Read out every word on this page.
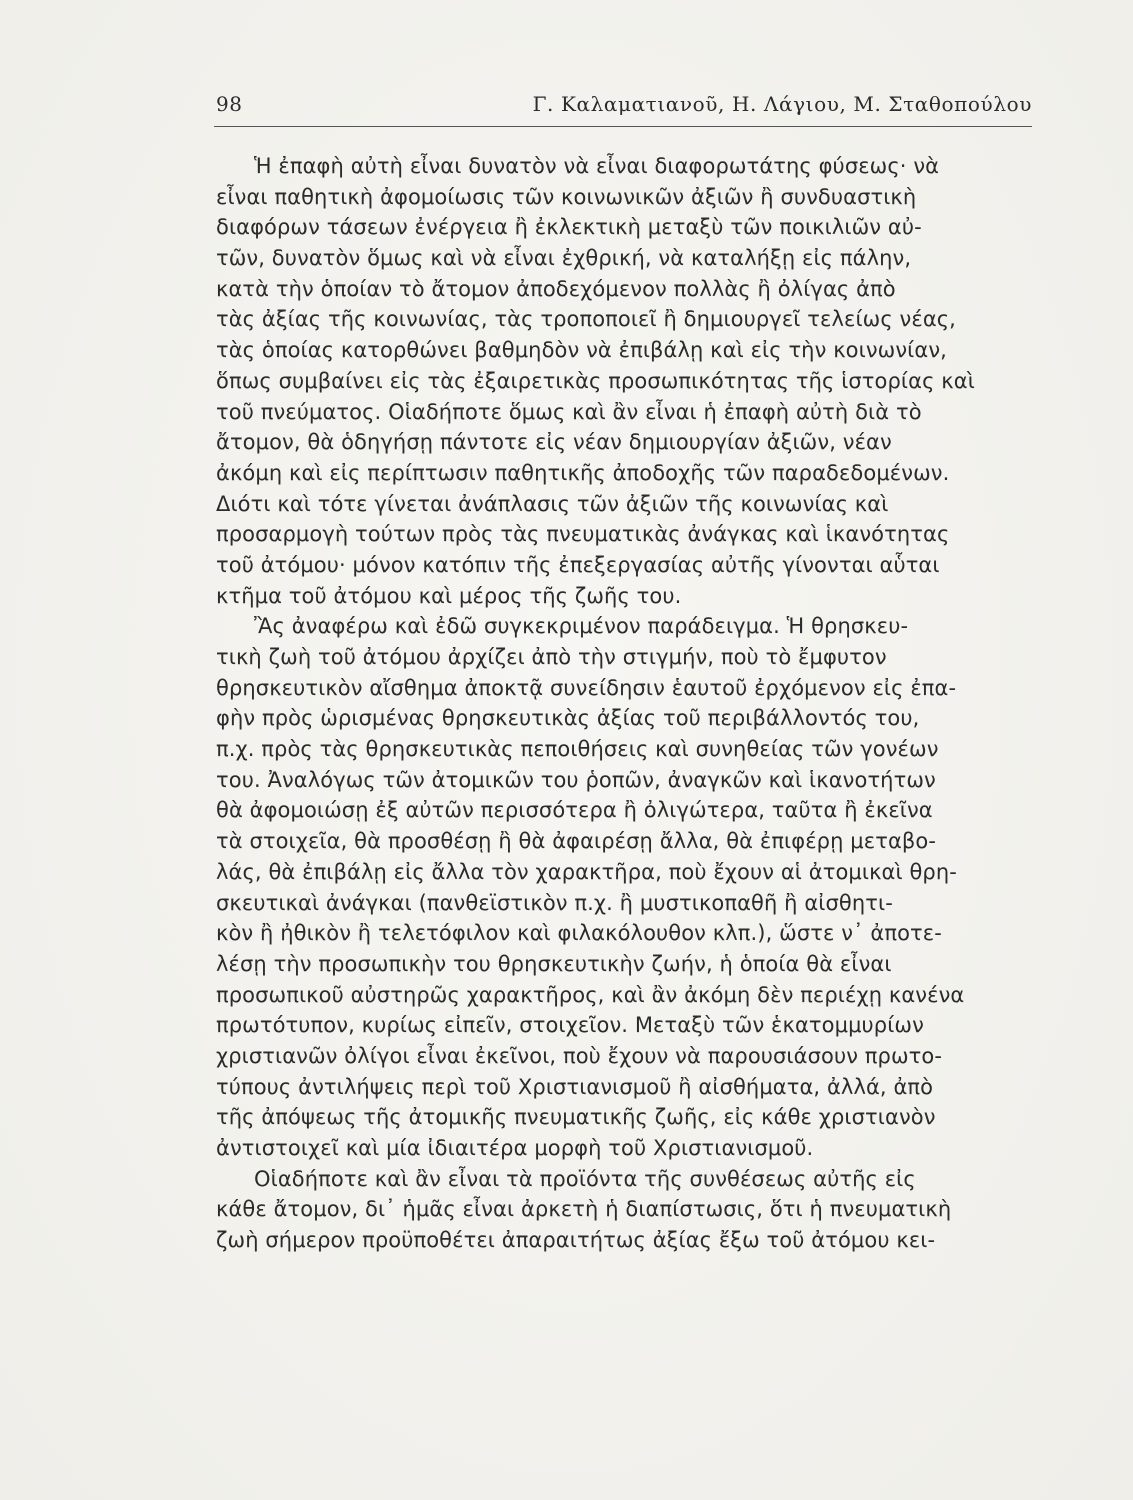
98	Γ. Καλαματιανοῦ, Η. Λάγιου, Μ. Σταθοπούλου
Ἡ ἐπαφὴ αὐτὴ εἶναι δυνατὸν νὰ εἶναι διαφορωτάτης φύσεως· νὰ
εἶναι παθητικὴ ἀφομοίωσις τῶν κοινωνικῶν ἀξιῶν ἢ συνδυαστικὴ
διαφόρων τάσεων ἐνέργεια ἢ ἐκλεκτικὴ μεταξὺ τῶν ποικιλιῶν αὐ-
τῶν, δυνατὸν ὅμως καὶ νὰ εἶναι ἐχθρική, νὰ καταλήξῃ εἰς πάλην,
κατὰ τὴν ὁποίαν τὸ ἄτομον ἀποδεχόμενον πολλὰς ἢ ὀλίγας ἀπὸ
τὰς ἀξίας τῆς κοινωνίας, τὰς τροποποιεῖ ἢ δημιουργεῖ τελείως νέας,
τὰς ὁποίας κατορθώνει βαθμηδὸν νὰ ἐπιβάλῃ καὶ εἰς τὴν κοινωνίαν,
ὅπως συμβαίνει εἰς τὰς ἐξαιρετικὰς προσωπικότητας τῆς ἱστορίας καὶ
τοῦ πνεύματος. Οἱαδήποτε ὅμως καὶ ἂν εἶναι ἡ ἐπαφὴ αὐτὴ διὰ τὸ
ἄτομον, θὰ ὁδηγήσῃ πάντοτε εἰς νέαν δημιουργίαν ἀξιῶν, νέαν
ἀκόμη καὶ εἰς περίπτωσιν παθητικῆς ἀποδοχῆς τῶν παραδεδομένων.
Διότι καὶ τότε γίνεται ἀνάπλασις τῶν ἀξιῶν τῆς κοινωνίας καὶ
προσαρμογὴ τούτων πρὸς τὰς πνευματικὰς ἀνάγκας καὶ ἱκανότητας
τοῦ ἀτόμου· μόνον κατόπιν τῆς ἐπεξεργασίας αὐτῆς γίνονται αὗται
κτῆμα τοῦ ἀτόμου καὶ μέρος τῆς ζωῆς του.
Ἂς ἀναφέρω καὶ ἐδῶ συγκεκριμένον παράδειγμα. Ἡ θρησκευ-
τικὴ ζωὴ τοῦ ἀτόμου ἀρχίζει ἀπὸ τὴν στιγμήν, ποὺ τὸ ἔμφυτον
θρησκευτικὸν αἴσθημα ἀποκτᾷ συνείδησιν ἑαυτοῦ ἐρχόμενον εἰς ἐπα-
φὴν πρὸς ὡρισμένας θρησκευτικὰς ἀξίας τοῦ περιβάλλοντός του,
π.χ. πρὸς τὰς θρησκευτικὰς πεποιθήσεις καὶ συνηθείας τῶν γονέων
του. Ἀναλόγως τῶν ἀτομικῶν του ῥοπῶν, ἀναγκῶν καὶ ἱκανοτήτων
θὰ ἀφομοιώσῃ ἐξ αὐτῶν περισσότερα ἢ ὀλιγώτερα, ταῦτα ἢ ἐκεῖνα
τὰ στοιχεῖα, θὰ προσθέσῃ ἢ θὰ ἀφαιρέσῃ ἄλλα, θὰ ἐπιφέρῃ μεταβο-
λάς, θὰ ἐπιβάλῃ εἰς ἄλλα τὸν χαρακτῆρα, ποὺ ἔχουν αἱ ἀτομικαὶ θρη-
σκευτικαὶ ἀνάγκαι (πανθεϊστικὸν π.χ. ἢ μυστικοπαθῆ ἢ αἰσθητι-
κὸν ἢ ἠθικὸν ἢ τελετόφιλον καὶ φιλακόλουθον κλπ.), ὥστε ν᾽ ἀποτε-
λέσῃ τὴν προσωπικὴν του θρησκευτικὴν ζωήν, ἡ ὁποία θὰ εἶναι
προσωπικοῦ αὐστηρῶς χαρακτῆρος, καὶ ἂν ἀκόμη δὲν περιέχῃ κανένα
πρωτότυπον, κυρίως εἰπεῖν, στοιχεῖον. Μεταξὺ τῶν ἑκατομμυρίων
χριστιανῶν ὀλίγοι εἶναι ἐκεῖνοι, ποὺ ἔχουν νὰ παρουσιάσουν πρωτο-
τύπους ἀντιλήψεις περὶ τοῦ Χριστιανισμοῦ ἢ αἰσθήματα, ἀλλά, ἀπὸ
τῆς ἀπόψεως τῆς ἀτομικῆς πνευματικῆς ζωῆς, εἰς κάθε χριστιανὸν
ἀντιστοιχεῖ καὶ μία ἰδιαιτέρα μορφὴ τοῦ Χριστιανισμοῦ.
Οἱαδήποτε καὶ ἂν εἶναι τὰ προϊόντα τῆς συνθέσεως αὐτῆς εἰς
κάθε ἄτομον, δι᾽ ἡμᾶς εἶναι ἀρκετὴ ἡ διαπίστωσις, ὅτι ἡ πνευματικὴ
ζωὴ σήμερον προϋποθέτει ἀπαραιτήτως ἀξίας ἔξω τοῦ ἀτόμου κει-
